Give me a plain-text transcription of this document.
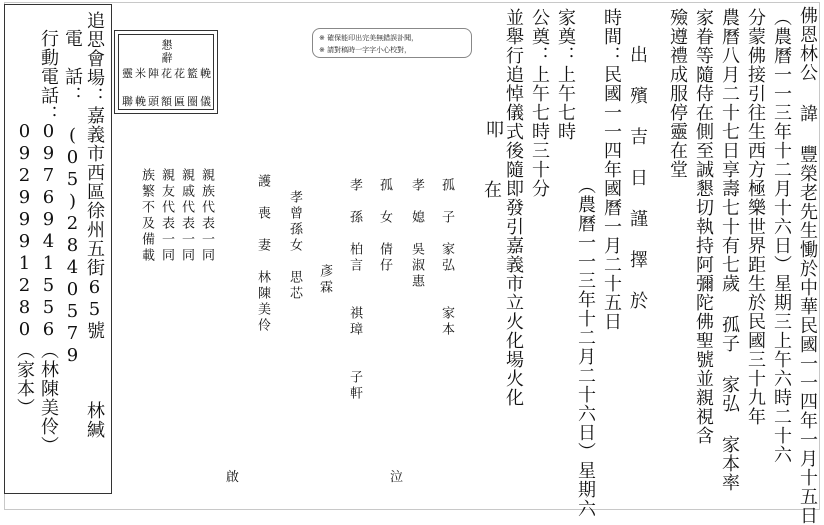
佛恩林公 諱 豐榮老先生慟於中華民國一一四年一月十五日
（農曆一一三年十二月十六日）星期三上午六時二十六
分蒙佛接引往生西方極樂世界距生於民國三十九年
農曆八月二十七日享壽七十有七歲 孤子 家弘 家本率
家眷等隨侍在側至誠懇切執持阿彌陀佛聖號並親視含
殮遵禮成服停靈在堂
出 殯 吉 日 謹 擇 於
時間：民國一一四年國曆一月二十五日
（農曆一一三年十二月二十六日）星期六
家奠：上午七時
公奠：上午七時三十分
並舉行追悼儀式後隨即發引嘉義市立火化場火化
叩
在
孤　子　家弘　　家本
孝　媳　吳淑惠
孤　女　倩仔
孝　孫　柏言　　祺璋　　子軒
彥霖
孝曾孫女　思芯
護　喪　妻　林陳美伶
親族代表一同
親戚代表一同
親友代表一同
族繁不及備載
泣
啟
懇辭
靈米陣花花籃輓
聯輓頭額匾圈儀
※ 確保能印出完美無錯誤訃聞，
※ 請對稿時一字字小心校對，
追思會場：嘉義市西區徐州五街65號
電　話：
(05)2840579
行動電話：
0976941556（林陳美伶）
0929991280（家本）
林緘
